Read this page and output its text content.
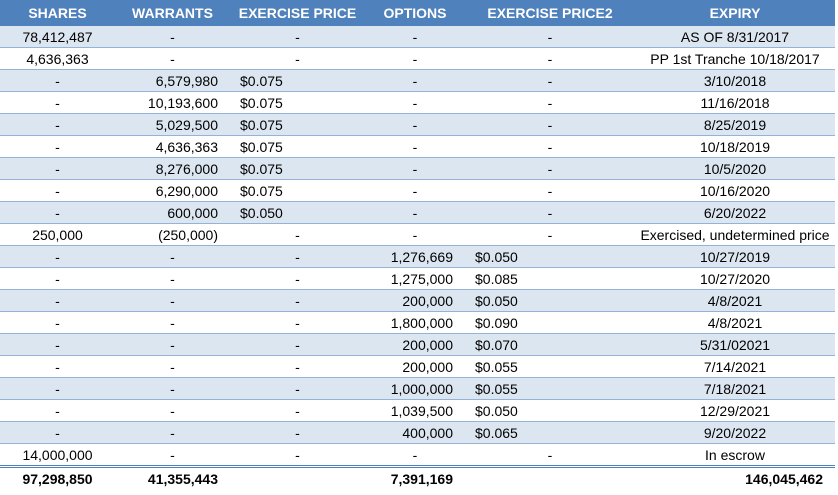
SHARES	WARRANTS	EXERCISE PRICE	OPTIONS	EXERCISE PRICE2	EXPIRY
78,412,487	-	-	-	-	AS OF 8/31/2017
4,636,363	-	-	-	-	PP 1st Tranche 10/18/2017
-	6,579,980	$0.075	-	-	3/10/2018
-	10,193,600	$0.075	-	-	11/16/2018
-	5,029,500	$0.075	-	-	8/25/2019
-	4,636,363	$0.075	-	-	10/18/2019
-	8,276,000	$0.075	-	-	10/5/2020
-	6,290,000	$0.075	-	-	10/16/2020
-	600,000	$0.050	-	-	6/20/2022
250,000	(250,000)	-	-	-	Exercised, undetermined price
-	-	-	1,276,669	$0.050	10/27/2019
-	-	-	1,275,000	$0.085	10/27/2020
-	-	-	200,000	$0.050	4/8/2021
-	-	-	1,800,000	$0.090	4/8/2021
-	-	-	200,000	$0.070	5/31/02021
-	-	-	200,000	$0.055	7/14/2021
-	-	-	1,000,000	$0.055	7/18/2021
-	-	-	1,039,500	$0.050	12/29/2021
-	-	-	400,000	$0.065	9/20/2022
14,000,000	-	-	-	-	In escrow
97,298,850	41,355,443		7,391,169		146,045,462
